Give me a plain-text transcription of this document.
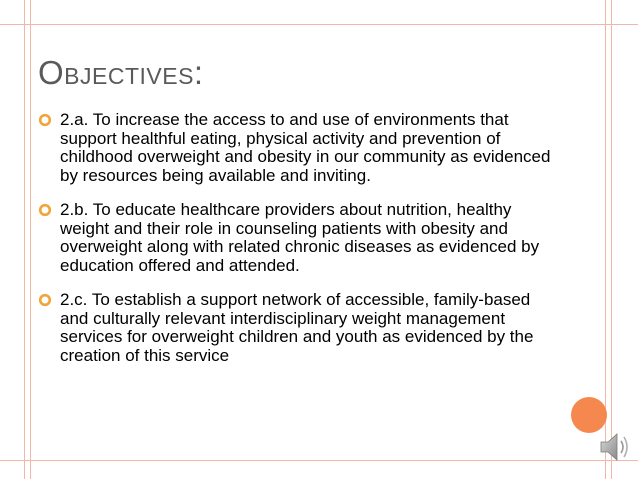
Objectives:
2.a. To increase the access to and use of environments that support healthful eating, physical activity and prevention of childhood overweight and obesity in our community as evidenced by resources being available and inviting.
2.b. To educate healthcare providers about nutrition, healthy weight and their role in counseling patients with obesity and overweight along with related chronic diseases as evidenced by education offered and attended.
2.c. To establish a support network of accessible, family-based and culturally relevant interdisciplinary weight management services for overweight children and youth as evidenced by the creation of this service
